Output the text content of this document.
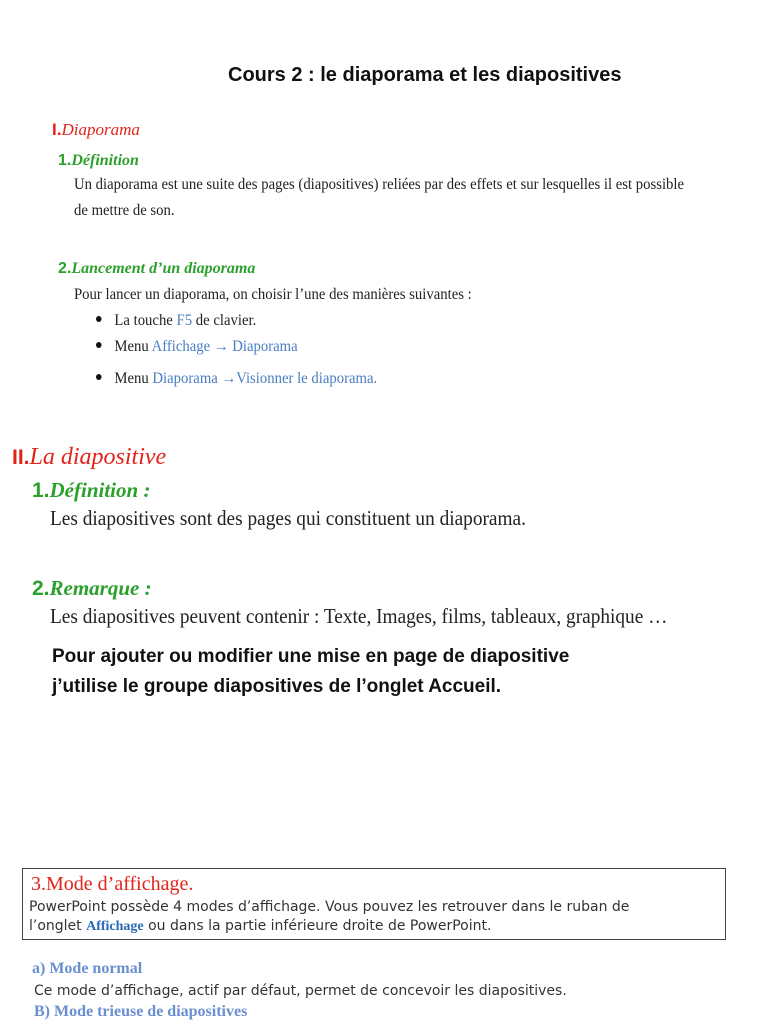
Cours 2 : le diaporama et les diapositives
I.Diaporama
1.Définition
Un diaporama est une suite des pages (diapositives) reliées par des effets et sur lesquelles il est possible
de mettre de son.
2.Lancement d’un diaporama
Pour lancer un diaporama, on choisir l’une des manières suivantes :
La touche F5 de clavier.
Menu Affichage → Diaporama
Menu Diaporama →Visionner le diaporama.
II.La diapositive
1.Définition :
Les diapositives sont des pages qui constituent un diaporama.
2.Remarque :
Les diapositives peuvent contenir : Texte, Images, films, tableaux, graphique …
Pour ajouter ou modifier une mise en page de diapositive
j’utilise le groupe diapositives de l’onglet Accueil.
3.Mode d’affichage.
PowerPoint possède 4 modes d’affichage. Vous pouvez les retrouver dans le ruban de
l’onglet Affichage ou dans la partie inférieure droite de PowerPoint.
a) Mode normal
Ce mode d’affichage, actif par défaut, permet de concevoir les diapositives.
B) Mode trieuse de diapositives
